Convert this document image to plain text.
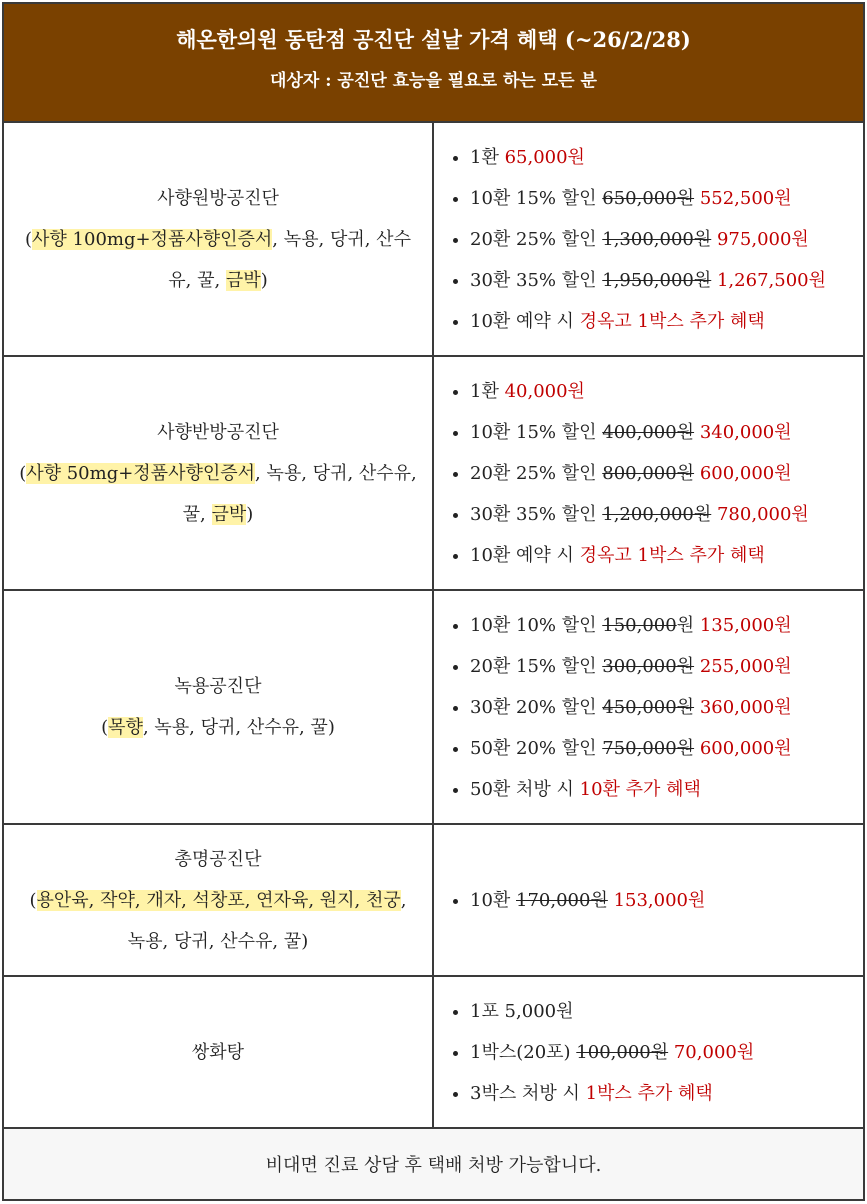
해온한의원 동탄점 공진단 설날 가격 혜택 (~26/2/28)
대상자 : 공진단 효능을 필요로 하는 모든 분
사향원방공진단
(사향 100mg+정품사향인증서, 녹용, 당귀, 산수유, 꿀, 금박)
• 1환 65,000원
• 10환 15% 할인 650,000원 552,500원
• 20환 25% 할인 1,300,000원 975,000원
• 30환 35% 할인 1,950,000원 1,267,500원
• 10환 예약 시 경옥고 1박스 추가 혜택
사향반방공진단
(사향 50mg+정품사향인증서, 녹용, 당귀, 산수유, 꿀, 금박)
• 1환 40,000원
• 10환 15% 할인 400,000원 340,000원
• 20환 25% 할인 800,000원 600,000원
• 30환 35% 할인 1,200,000원 780,000원
• 10환 예약 시 경옥고 1박스 추가 혜택
녹용공진단
(목향, 녹용, 당귀, 산수유, 꿀)
• 10환 10% 할인 150,000원 135,000원
• 20환 15% 할인 300,000원 255,000원
• 30환 20% 할인 450,000원 360,000원
• 50환 20% 할인 750,000원 600,000원
• 50환 처방 시 10환 추가 혜택
총명공진단
(용안육, 작약, 개자, 석창포, 연자육, 원지, 천궁, 녹용, 당귀, 산수유, 꿀)
• 10환 170,000원 153,000원
쌍화탕
• 1포 5,000원
• 1박스(20포) 100,000원 70,000원
• 3박스 처방 시 1박스 추가 혜택
비대면 진료 상담 후 택배 처방 가능합니다.
